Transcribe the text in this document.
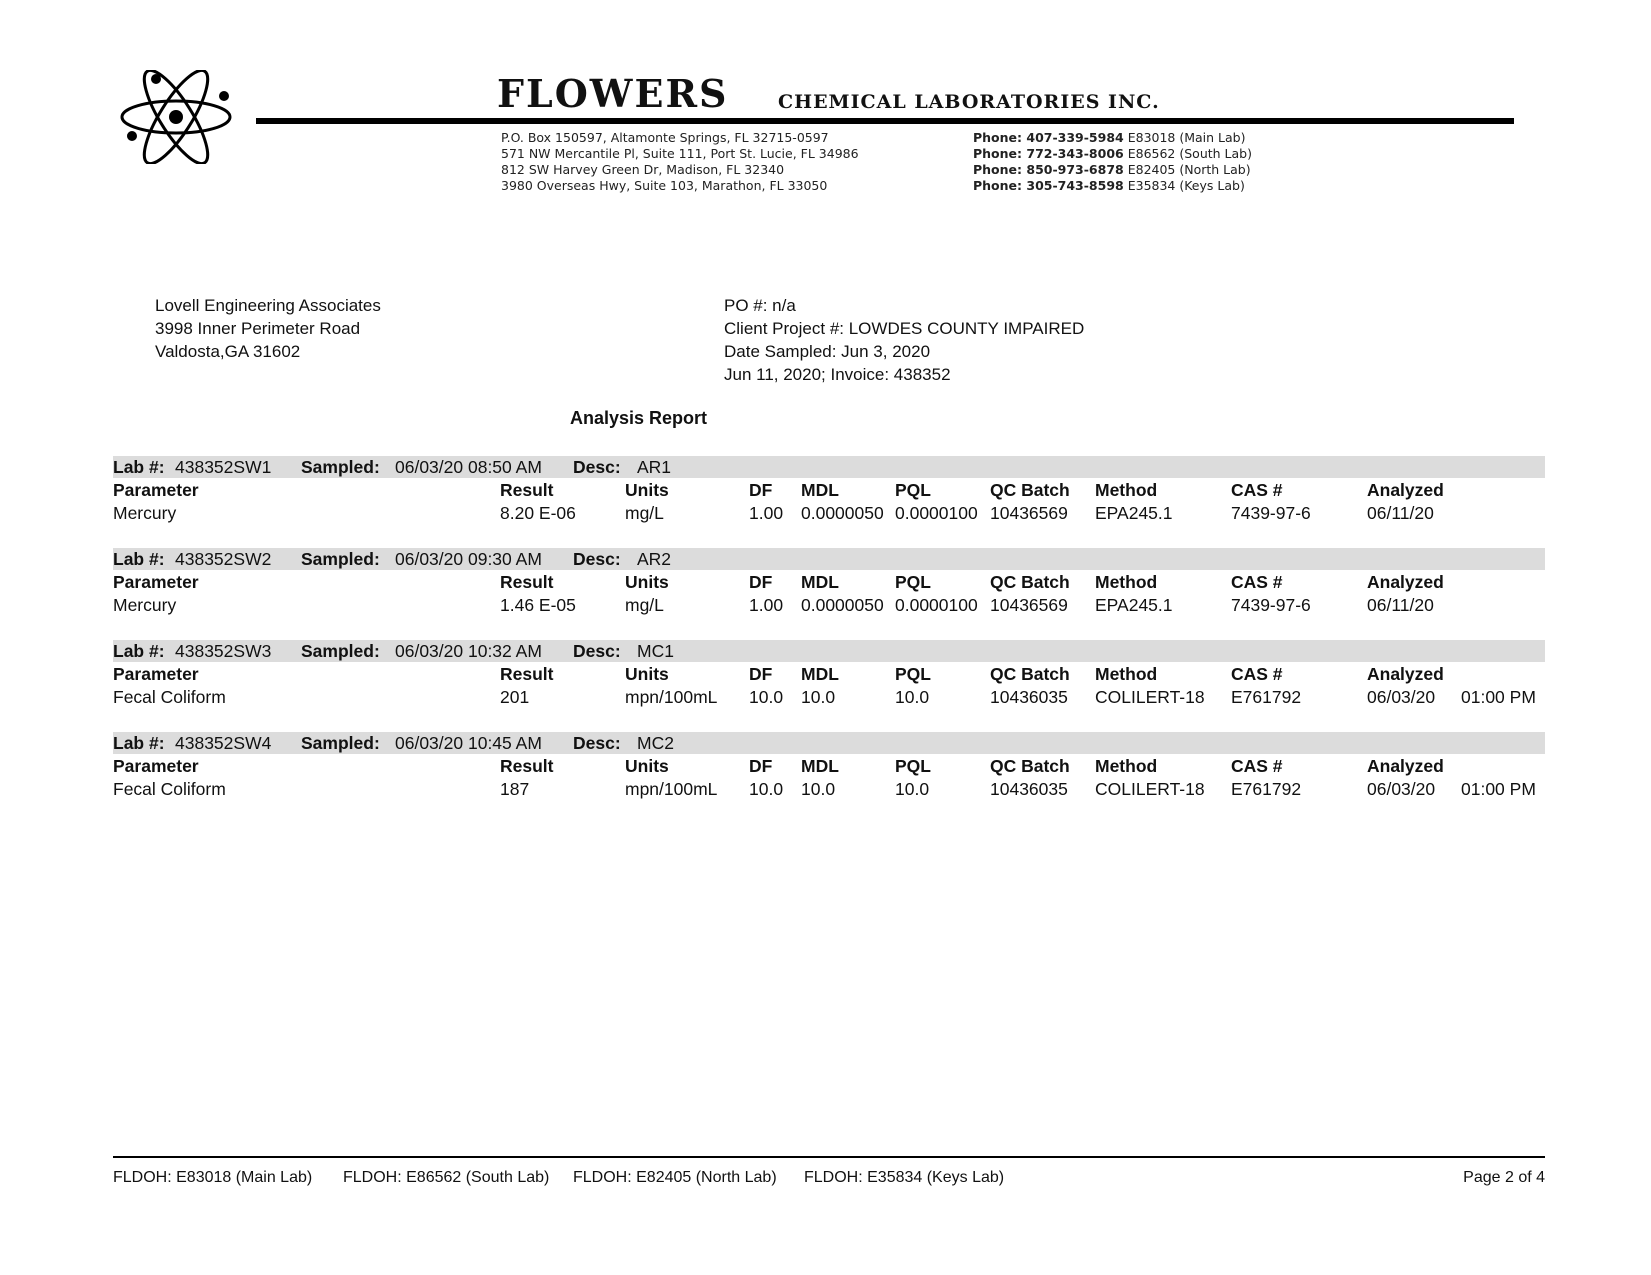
FLOWERS	CHEMICAL LABORATORIES INC.
P.O. Box 150597, Altamonte Springs, FL 32715-0597
571 NW Mercantile Pl, Suite 111, Port St. Lucie, FL 34986
812 SW Harvey Green Dr, Madison, FL 32340
3980 Overseas Hwy, Suite 103, Marathon, FL 33050
Phone: 407-339-5984 E83018 (Main Lab)
Phone: 772-343-8006 E86562 (South Lab)
Phone: 850-973-6878 E82405 (North Lab)
Phone: 305-743-8598 E35834 (Keys Lab)
Lovell Engineering Associates
3998 Inner Perimeter Road
Valdosta,GA 31602
PO #: n/a
Client Project #: LOWDES COUNTY IMPAIRED
Date Sampled: Jun 3, 2020
Jun 11, 2020; Invoice: 438352
Analysis Report
Lab #: 438352SW1 Sampled: 06/03/20 08:50 AM Desc: AR1
Parameter	Result	Units	DF MDL	PQL	QC Batch Method	CAS #	Analyzed
Mercury	8.20 E-06	mg/L	1.00 0.0000050 0.0000100 10436569 EPA245.1	7439-97-6	06/11/20
Lab #: 438352SW2 Sampled: 06/03/20 09:30 AM Desc: AR2
Parameter	Result	Units	DF MDL	PQL	QC Batch Method	CAS #	Analyzed
Mercury	1.46 E-05	mg/L	1.00 0.0000050 0.0000100 10436569 EPA245.1	7439-97-6	06/11/20
Lab #: 438352SW3 Sampled: 06/03/20 10:32 AM Desc: MC1
Parameter	Result	Units	DF MDL	PQL	QC Batch Method	CAS #	Analyzed
Fecal Coliform	201	mpn/100mL 10.0 10.0	10.0	10436035 COLILERT-18 E761792	06/03/20 01:00 PM
Lab #: 438352SW4 Sampled: 06/03/20 10:45 AM Desc: MC2
Parameter	Result	Units	DF MDL	PQL	QC Batch Method	CAS #	Analyzed
Fecal Coliform	187	mpn/100mL 10.0 10.0	10.0	10436035 COLILERT-18 E761792	06/03/20 01:00 PM
FLDOH: E83018 (Main Lab) FLDOH: E86562 (South Lab) FLDOH: E82405 (North Lab) FLDOH: E35834 (Keys Lab)	Page 2 of 4
